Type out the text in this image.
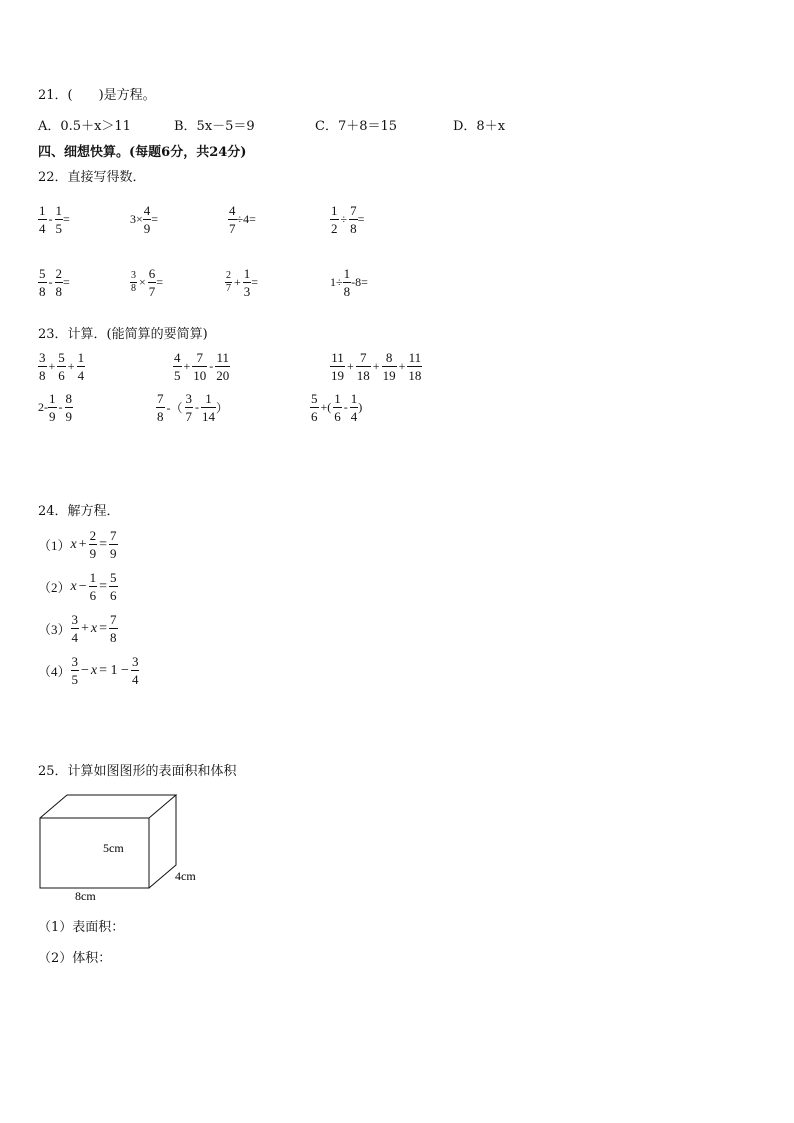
21．(　　)是方程。
A．0.5＋x＞11	B．5x－5＝9	C．7＋8＝15	D．8＋x
四、细想快算。(每题6分，共24分)
22．直接写得数．
$\frac{1}{4} - \frac{1}{5}$ =	$3\times \frac{4}{9}$ =	$\frac{4}{7} \div 4=$	$\frac{1}{2} \div \frac{7}{8}$ =
$\frac{5}{8} - \frac{2}{8}$ =	$\frac{3}{8} \times \frac{6}{7}$ =	$\frac{2}{7} + \frac{1}{3}$ =	$1\div \frac{1}{8} -8=$
23．计算．(能简算的要简算)
$\frac{3}{8} + \frac{5}{6} + \frac{1}{4}$	$\frac{4}{5} + \frac{7}{10} - \frac{11}{20}$	$\frac{11}{19} + \frac{7}{18} + \frac{8}{19} + \frac{11}{18}$
$2- \frac{1}{9} - \frac{8}{9}$	$\frac{7}{8}$ -（ $\frac{3}{7} - \frac{1}{14}$ ）	$\frac{5}{6}$ +( $\frac{1}{6} - \frac{1}{4}$ )
24．解方程．
（1） $x + \frac{2}{9} = \frac{7}{9}$
（2） $x - \frac{1}{6} = \frac{5}{6}$
$(3) \frac{3}{4} + x = \frac{7}{8}$
$(4) \frac{3}{5} - x = 1 - \frac{3}{4}$
25．计算如图图形的表面积和体积
5cm
4cm
8cm
（1）表面积：
（2）体积：
